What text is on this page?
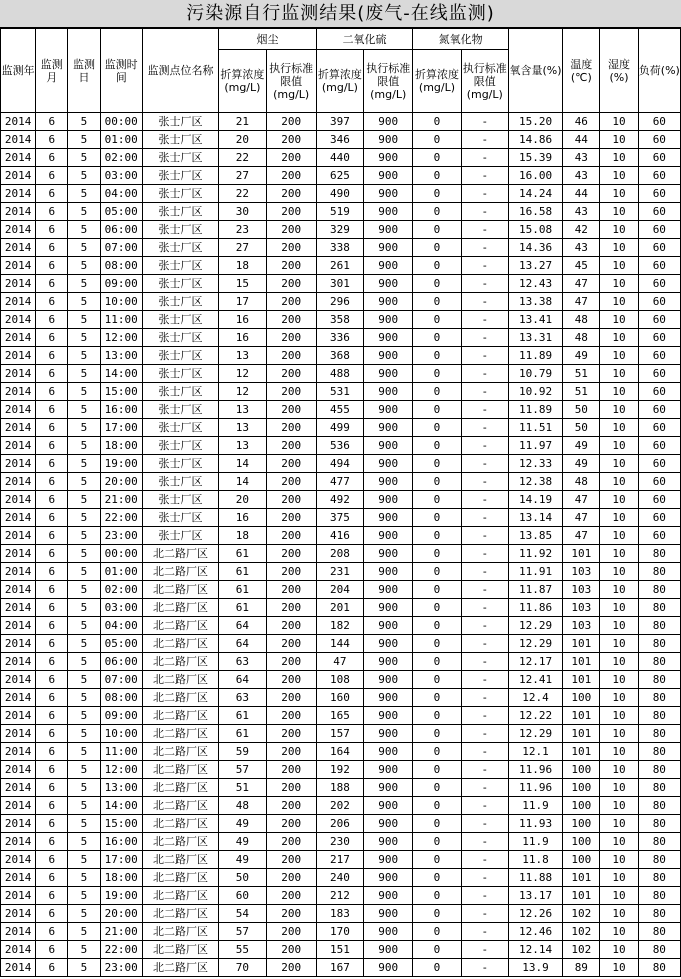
污染源自行监测结果(废气-在线监测)
监测年	监测月	监测日	监测时间	监测点位名称	烟尘		二氧化硫		氮氧化物		氧含量(%)	温度(℃)	湿度(%)	负荷(%)
					折算浓度(mg/L)	执行标准限值(mg/L)	折算浓度(mg/L)	执行标准限值(mg/L)	折算浓度(mg/L)	执行标准限值(mg/L)				
2014	6	5	00:00	张士厂区	21	200	397	900	0	-	15.20	46	10	60
2014	6	5	01:00	张士厂区	20	200	346	900	0	-	14.86	44	10	60
2014	6	5	02:00	张士厂区	22	200	440	900	0	-	15.39	43	10	60
2014	6	5	03:00	张士厂区	27	200	625	900	0	-	16.00	43	10	60
2014	6	5	04:00	张士厂区	22	200	490	900	0	-	14.24	44	10	60
2014	6	5	05:00	张士厂区	30	200	519	900	0	-	16.58	43	10	60
2014	6	5	06:00	张士厂区	23	200	329	900	0	-	15.08	42	10	60
2014	6	5	07:00	张士厂区	27	200	338	900	0	-	14.36	43	10	60
2014	6	5	08:00	张士厂区	18	200	261	900	0	-	13.27	45	10	60
2014	6	5	09:00	张士厂区	15	200	301	900	0	-	12.43	47	10	60
2014	6	5	10:00	张士厂区	17	200	296	900	0	-	13.38	47	10	60
2014	6	5	11:00	张士厂区	16	200	358	900	0	-	13.41	48	10	60
2014	6	5	12:00	张士厂区	16	200	336	900	0	-	13.31	48	10	60
2014	6	5	13:00	张士厂区	13	200	368	900	0	-	11.89	49	10	60
2014	6	5	14:00	张士厂区	12	200	488	900	0	-	10.79	51	10	60
2014	6	5	15:00	张士厂区	12	200	531	900	0	-	10.92	51	10	60
2014	6	5	16:00	张士厂区	13	200	455	900	0	-	11.89	50	10	60
2014	6	5	17:00	张士厂区	13	200	499	900	0	-	11.51	50	10	60
2014	6	5	18:00	张士厂区	13	200	536	900	0	-	11.97	49	10	60
2014	6	5	19:00	张士厂区	14	200	494	900	0	-	12.33	49	10	60
2014	6	5	20:00	张士厂区	14	200	477	900	0	-	12.38	48	10	60
2014	6	5	21:00	张士厂区	20	200	492	900	0	-	14.19	47	10	60
2014	6	5	22:00	张士厂区	16	200	375	900	0	-	13.14	47	10	60
2014	6	5	23:00	张士厂区	18	200	416	900	0	-	13.85	47	10	60
2014	6	5	00:00	北二路厂区	61	200	208	900	0	-	11.92	101	10	80
2014	6	5	01:00	北二路厂区	61	200	231	900	0	-	11.91	103	10	80
2014	6	5	02:00	北二路厂区	61	200	204	900	0	-	11.87	103	10	80
2014	6	5	03:00	北二路厂区	61	200	201	900	0	-	11.86	103	10	80
2014	6	5	04:00	北二路厂区	64	200	182	900	0	-	12.29	103	10	80
2014	6	5	05:00	北二路厂区	64	200	144	900	0	-	12.29	101	10	80
2014	6	5	06:00	北二路厂区	63	200	47	900	0	-	12.17	101	10	80
2014	6	5	07:00	北二路厂区	64	200	108	900	0	-	12.41	101	10	80
2014	6	5	08:00	北二路厂区	63	200	160	900	0	-	12.4	100	10	80
2014	6	5	09:00	北二路厂区	61	200	165	900	0	-	12.22	101	10	80
2014	6	5	10:00	北二路厂区	61	200	157	900	0	-	12.29	101	10	80
2014	6	5	11:00	北二路厂区	59	200	164	900	0	-	12.1	101	10	80
2014	6	5	12:00	北二路厂区	57	200	192	900	0	-	11.96	100	10	80
2014	6	5	13:00	北二路厂区	51	200	188	900	0	-	11.96	100	10	80
2014	6	5	14:00	北二路厂区	48	200	202	900	0	-	11.9	100	10	80
2014	6	5	15:00	北二路厂区	49	200	206	900	0	-	11.93	100	10	80
2014	6	5	16:00	北二路厂区	49	200	230	900	0	-	11.9	100	10	80
2014	6	5	17:00	北二路厂区	49	200	217	900	0	-	11.8	100	10	80
2014	6	5	18:00	北二路厂区	50	200	240	900	0	-	11.88	101	10	80
2014	6	5	19:00	北二路厂区	60	200	212	900	0	-	13.17	101	10	80
2014	6	5	20:00	北二路厂区	54	200	183	900	0	-	12.26	102	10	80
2014	6	5	21:00	北二路厂区	57	200	170	900	0	-	12.46	102	10	80
2014	6	5	22:00	北二路厂区	55	200	151	900	0	-	12.14	102	10	80
2014	6	5	23:00	北二路厂区	70	200	167	900	0	-	13.9	89	10	80
